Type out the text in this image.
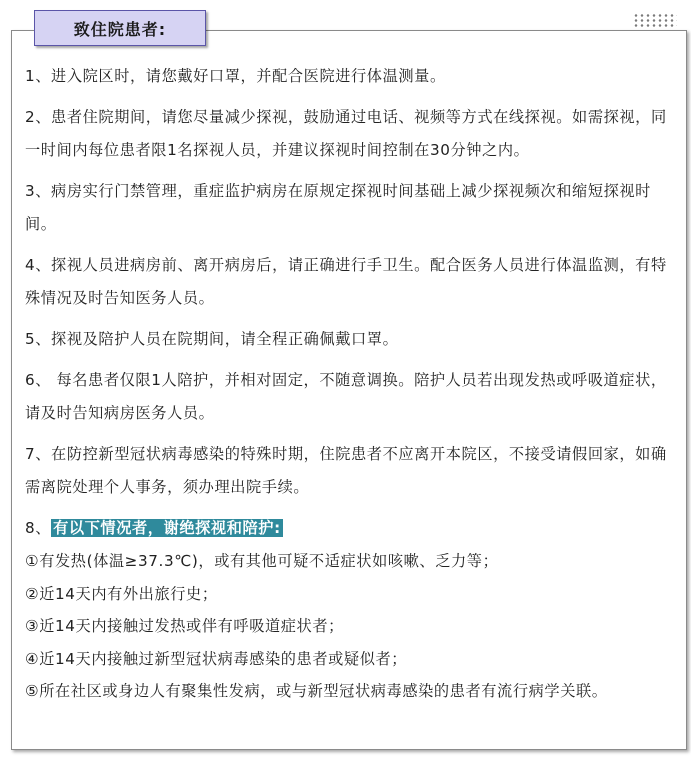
致住院患者:

1、进入院区时，请您戴好口罩，并配合医院进行体温测量。

2、患者住院期间，请您尽量减少探视，鼓励通过电话、视频等方式在线探视。如需探视，同一时间内每位患者限1名探视人员，并建议探视时间控制在30分钟之内。

3、病房实行门禁管理，重症监护病房在原规定探视时间基础上减少探视频次和缩短探视时间。

4、探视人员进病房前、离开病房后，请正确进行手卫生。配合医务人员进行体温监测，有特殊情况及时告知医务人员。

5、探视及陪护人员在院期间，请全程正确佩戴口罩。

6、 每名患者仅限1人陪护，并相对固定，不随意调换。陪护人员若出现发热或呼吸道症状，请及时告知病房医务人员。

7、在防控新型冠状病毒感染的特殊时期，住院患者不应离开本院区，不接受请假回家，如确需离院处理个人事务，须办理出院手续。

8、 有以下情况者，谢绝探视和陪护:

①有发热(体温≥37.3℃)，或有其他可疑不适症状如咳嗽、乏力等；

②近14天内有外出旅行史；

③近14天内接触过发热或伴有呼吸道症状者；

④近14天内接触过新型冠状病毒感染的患者或疑似者；

⑤所在社区或身边人有聚集性发病，或与新型冠状病毒感染的患者有流行病学关联。
